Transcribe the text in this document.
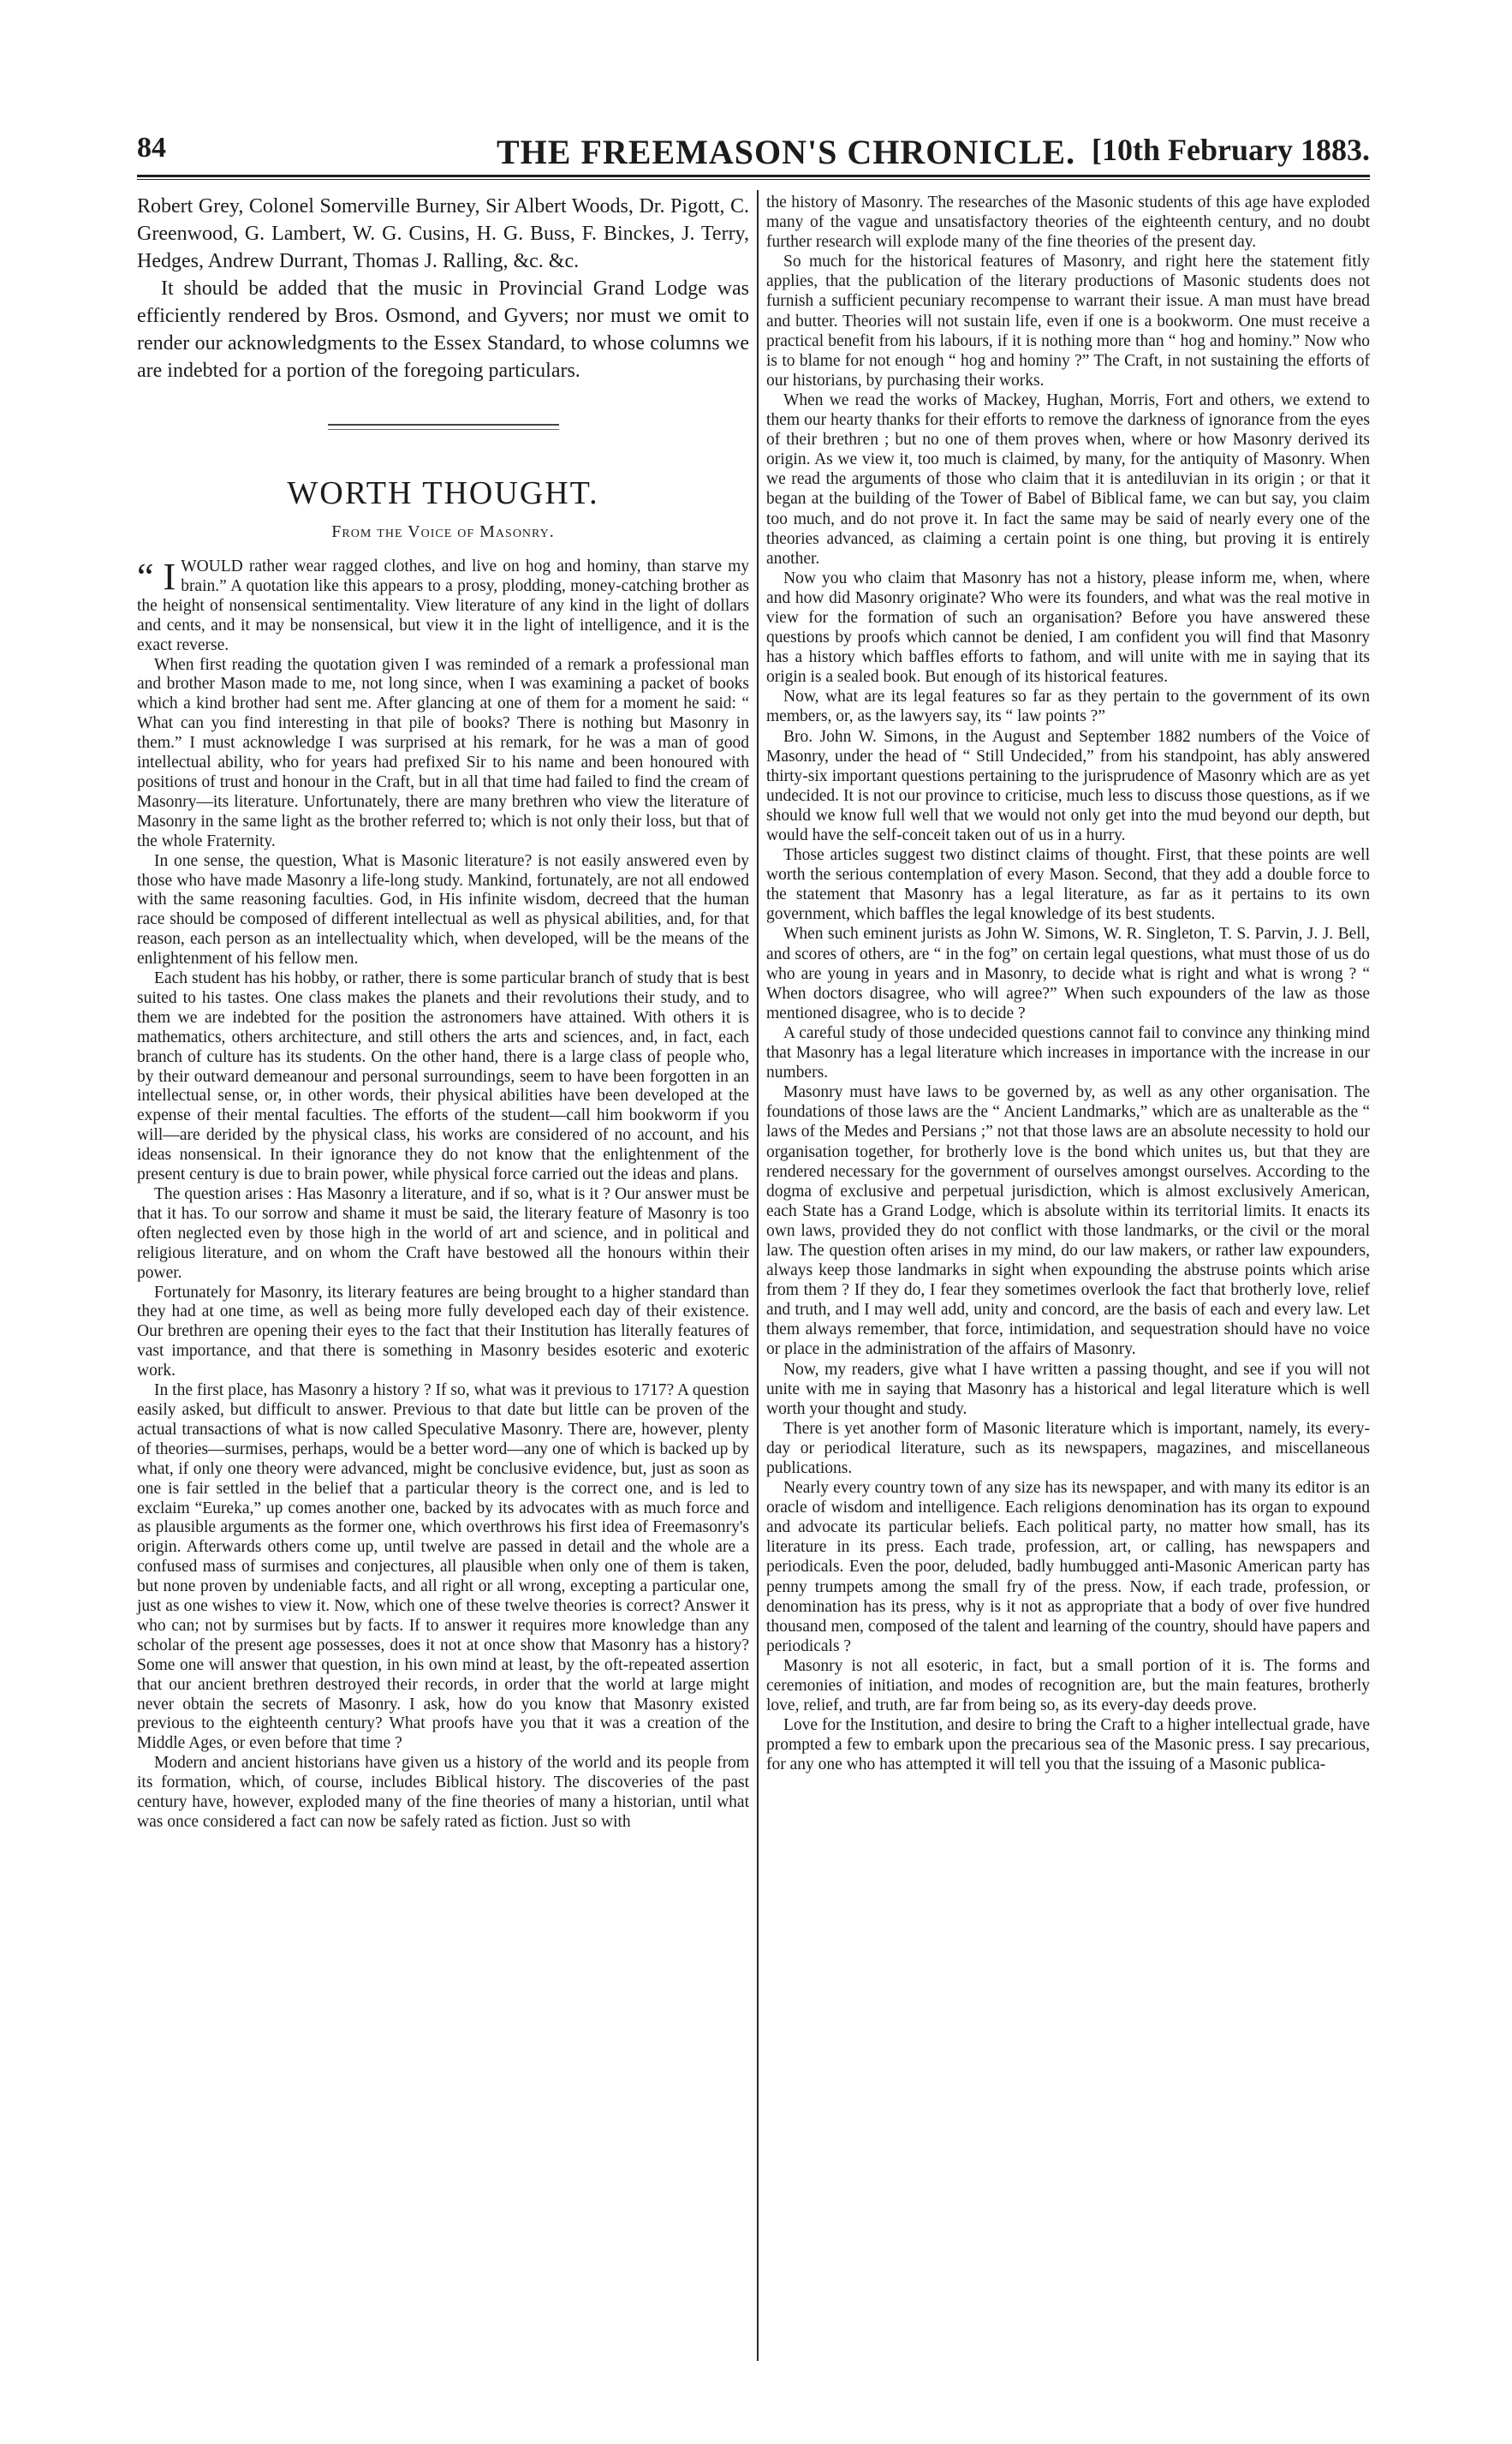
84	THE FREEMASON'S CHRONICLE. [10th February 1883.

Robert Grey, Colonel Somerville Burney, Sir Albert Woods, Dr. Pigott, C. Greenwood, G. Lambert, W. G. Cusins, H. G. Buss, F. Binckes, J. Terry, Hedges, Andrew Durrant, Thomas J. Ralling, &c. &c.

It should be added that the music in Provincial Grand Lodge was efficiently rendered by Bros. Osmond, and Gyvers; nor must we omit to render our acknowledgments to the Essex Standard, to whose columns we are indebted for a portion of the foregoing particulars.

WORTH THOUGHT.
From the Voice of Masonry.

“ I WOULD rather wear ragged clothes, and live on hog and hominy, than starve my brain.” A quotation like this appears to a prosy, plodding, money-catching brother as the height of nonsensical sentimentality. View literature of any kind in the light of dollars and cents, and it may be nonsensical, but view it in the light of intelligence, and it is the exact reverse.

When first reading the quotation given I was reminded of a remark a professional man and brother Mason made to me, not long since, when I was examining a packet of books which a kind brother had sent me. After glancing at one of them for a moment he said: “ What can you find interesting in that pile of books? There is nothing but Masonry in them.” I must acknowledge I was surprised at his remark, for he was a man of good intellectual ability, who for years had prefixed Sir to his name and been honoured with positions of trust and honour in the Craft, but in all that time had failed to find the cream of Masonry—its literature. Unfortunately, there are many brethren who view the literature of Masonry in the same light as the brother referred to; which is not only their loss, but that of the whole Fraternity.

In one sense, the question, What is Masonic literature? is not easily answered even by those who have made Masonry a life-long study. Mankind, fortunately, are not all endowed with the same reasoning faculties. God, in His infinite wisdom, decreed that the human race should be composed of different intellectual as well as physical abilities, and, for that reason, each person as an intellectuality which, when developed, will be the means of the enlightenment of his fellow men.

Each student has his hobby, or rather, there is some particular branch of study that is best suited to his tastes. One class makes the planets and their revolutions their study, and to them we are indebted for the position the astronomers have attained. With others it is mathematics, others architecture, and still others the arts and sciences, and, in fact, each branch of culture has its students. On the other hand, there is a large class of people who, by their outward demeanour and personal surroundings, seem to have been forgotten in an intellectual sense, or, in other words, their physical abilities have been developed at the expense of their mental faculties. The efforts of the student—call him bookworm if you will—are derided by the physical class, his works are considered of no account, and his ideas nonsensical. In their ignorance they do not know that the enlightenment of the present century is due to brain power, while physical force carried out the ideas and plans.

The question arises : Has Masonry a literature, and if so, what is it ? Our answer must be that it has. To our sorrow and shame it must be said, the literary feature of Masonry is too often neglected even by those high in the world of art and science, and in political and religious literature, and on whom the Craft have bestowed all the honours within their power.

Fortunately for Masonry, its literary features are being brought to a higher standard than they had at one time, as well as being more fully developed each day of their existence. Our brethren are opening their eyes to the fact that their Institution has literally features of vast importance, and that there is something in Masonry besides esoteric and exoteric work.

In the first place, has Masonry a history ? If so, what was it previous to 1717? A question easily asked, but difficult to answer. Previous to that date but little can be proven of the actual transactions of what is now called Speculative Masonry. There are, however, plenty of theories—surmises, perhaps, would be a better word—any one of which is backed up by what, if only one theory were advanced, might be conclusive evidence, but, just as soon as one is fair settled in the belief that a particular theory is the correct one, and is led to exclaim “Eureka,” up comes another one, backed by its advocates with as much force and as plausible arguments as the former one, which overthrows his first idea of Freemasonry's origin. Afterwards others come up, until twelve are passed in detail and the whole are a confused mass of surmises and conjectures, all plausible when only one of them is taken, but none proven by undeniable facts, and all right or all wrong, excepting a particular one, just as one wishes to view it. Now, which one of these twelve theories is correct? Answer it who can; not by surmises but by facts. If to answer it requires more knowledge than any scholar of the present age possesses, does it not at once show that Masonry has a history? Some one will answer that question, in his own mind at least, by the oft-repeated assertion that our ancient brethren destroyed their records, in order that the world at large might never obtain the secrets of Masonry. I ask, how do you know that Masonry existed previous to the eighteenth century? What proofs have you that it was a creation of the Middle Ages, or even before that time ?

Modern and ancient historians have given us a history of the world and its people from its formation, which, of course, includes Biblical history. The discoveries of the past century have, however, exploded many of the fine theories of many a historian, until what was once considered a fact can now be safely rated as fiction. Just so with

the history of Masonry. The researches of the Masonic students of this age have exploded many of the vague and unsatisfactory theories of the eighteenth century, and no doubt further research will explode many of the fine theories of the present day.

So much for the historical features of Masonry, and right here the statement fitly applies, that the publication of the literary productions of Masonic students does not furnish a sufficient pecuniary recompense to warrant their issue. A man must have bread and butter. Theories will not sustain life, even if one is a bookworm. One must receive a practical benefit from his labours, if it is nothing more than “ hog and hominy.” Now who is to blame for not enough “ hog and hominy ?” The Craft, in not sustaining the efforts of our historians, by purchasing their works.

When we read the works of Mackey, Hughan, Morris, Fort and others, we extend to them our hearty thanks for their efforts to remove the darkness of ignorance from the eyes of their brethren ; but no one of them proves when, where or how Masonry derived its origin. As we view it, too much is claimed, by many, for the antiquity of Masonry. When we read the arguments of those who claim that it is antediluvian in its origin ; or that it began at the building of the Tower of Babel of Biblical fame, we can but say, you claim too much, and do not prove it. In fact the same may be said of nearly every one of the theories advanced, as claiming a certain point is one thing, but proving it is entirely another.

Now you who claim that Masonry has not a history, please inform me, when, where and how did Masonry originate? Who were its founders, and what was the real motive in view for the formation of such an organisation? Before you have answered these questions by proofs which cannot be denied, I am confident you will find that Masonry has a history which baffles efforts to fathom, and will unite with me in saying that its origin is a sealed book. But enough of its historical features.

Now, what are its legal features so far as they pertain to the government of its own members, or, as the lawyers say, its “ law points ?”

Bro. John W. Simons, in the August and September 1882 numbers of the Voice of Masonry, under the head of “ Still Undecided,” from his standpoint, has ably answered thirty-six important questions pertaining to the jurisprudence of Masonry which are as yet undecided. It is not our province to criticise, much less to discuss those questions, as if we should we know full well that we would not only get into the mud beyond our depth, but would have the self-conceit taken out of us in a hurry.

Those articles suggest two distinct claims of thought. First, that these points are well worth the serious contemplation of every Mason. Second, that they add a double force to the statement that Masonry has a legal literature, as far as it pertains to its own government, which baffles the legal knowledge of its best students.

When such eminent jurists as John W. Simons, W. R. Singleton, T. S. Parvin, J. J. Bell, and scores of others, are “ in the fog” on certain legal questions, what must those of us do who are young in years and in Masonry, to decide what is right and what is wrong ? “ When doctors disagree, who will agree?” When such expounders of the law as those mentioned disagree, who is to decide ?

A careful study of those undecided questions cannot fail to convince any thinking mind that Masonry has a legal literature which increases in importance with the increase in our numbers.

Masonry must have laws to be governed by, as well as any other organisation. The foundations of those laws are the “ Ancient Landmarks,” which are as unalterable as the “ laws of the Medes and Persians ;” not that those laws are an absolute necessity to hold our organisation together, for brotherly love is the bond which unites us, but that they are rendered necessary for the government of ourselves amongst ourselves. According to the dogma of exclusive and perpetual jurisdiction, which is almost exclusively American, each State has a Grand Lodge, which is absolute within its territorial limits. It enacts its own laws, provided they do not conflict with those landmarks, or the civil or the moral law. The question often arises in my mind, do our law makers, or rather law expounders, always keep those landmarks in sight when expounding the abstruse points which arise from them ? If they do, I fear they sometimes overlook the fact that brotherly love, relief and truth, and I may well add, unity and concord, are the basis of each and every law. Let them always remember, that force, intimidation, and sequestration should have no voice or place in the administration of the affairs of Masonry.

Now, my readers, give what I have written a passing thought, and see if you will not unite with me in saying that Masonry has a historical and legal literature which is well worth your thought and study.

There is yet another form of Masonic literature which is important, namely, its every-day or periodical literature, such as its newspapers, magazines, and miscellaneous publications.

Nearly every country town of any size has its newspaper, and with many its editor is an oracle of wisdom and intelligence. Each religions denomination has its organ to expound and advocate its particular beliefs. Each political party, no matter how small, has its literature in its press. Each trade, profession, art, or calling, has newspapers and periodicals. Even the poor, deluded, badly humbugged anti-Masonic American party has penny trumpets among the small fry of the press. Now, if each trade, profession, or denomination has its press, why is it not as appropriate that a body of over five hundred thousand men, composed of the talent and learning of the country, should have papers and periodicals ?

Masonry is not all esoteric, in fact, but a small portion of it is. The forms and ceremonies of initiation, and modes of recognition are, but the main features, brotherly love, relief, and truth, are far from being so, as its every-day deeds prove.

Love for the Institution, and desire to bring the Craft to a higher intellectual grade, have prompted a few to embark upon the precarious sea of the Masonic press. I say precarious, for any one who has attempted it will tell you that the issuing of a Masonic publica-
